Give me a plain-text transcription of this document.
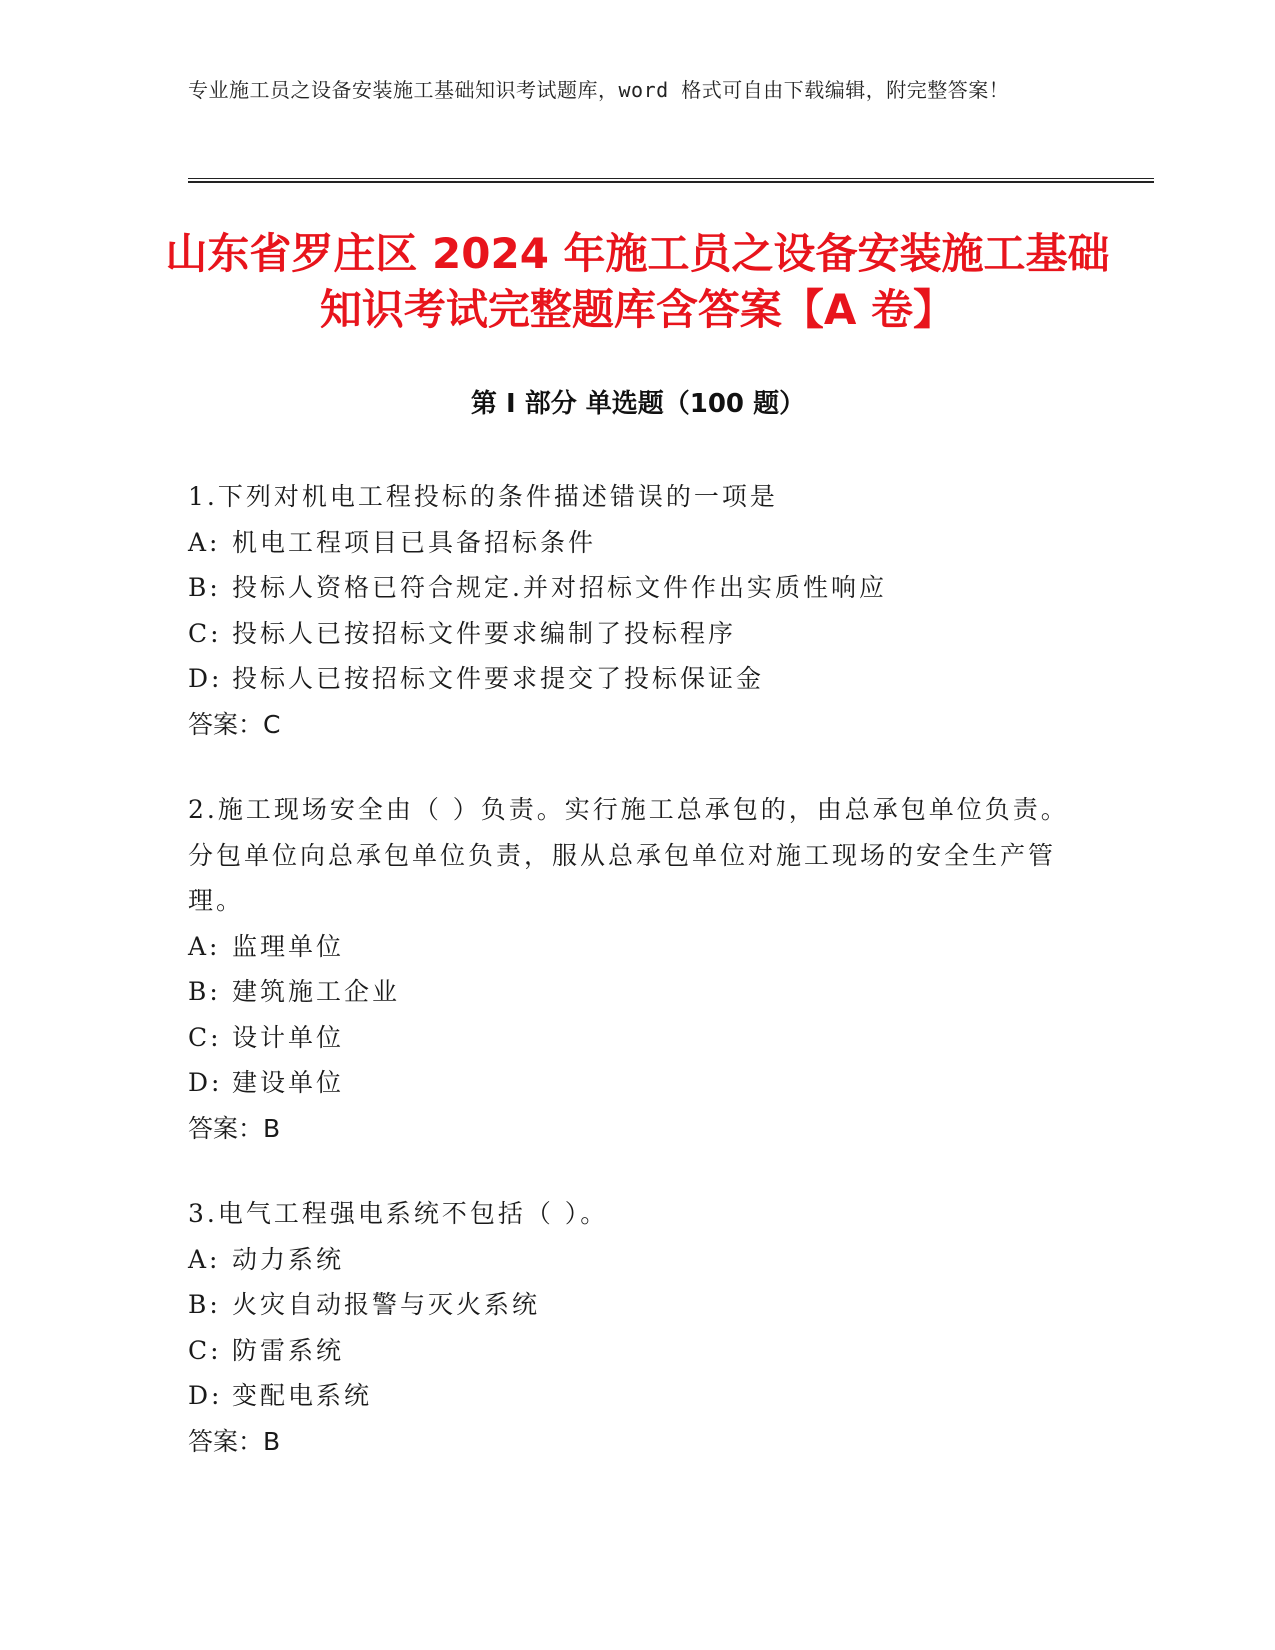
专业施工员之设备安装施工基础知识考试题库，word 格式可自由下载编辑，附完整答案！
山东省罗庄区 2024 年施工员之设备安装施工基础知识考试完整题库含答案【A 卷】
第 I 部分 单选题（100 题）
1.下列对机电工程投标的条件描述错误的一项是
A: 机电工程项目已具备招标条件
B: 投标人资格已符合规定.并对招标文件作出实质性响应
C: 投标人已按招标文件要求编制了投标程序
D: 投标人已按招标文件要求提交了投标保证金
答案：C
2.施工现场安全由（ ）负责。实行施工总承包的，由总承包单位负责。分包单位向总承包单位负责，服从总承包单位对施工现场的安全生产管理。
A: 监理单位
B: 建筑施工企业
C: 设计单位
D: 建设单位
答案：B
3.电气工程强电系统不包括（ ）。
A: 动力系统
B: 火灾自动报警与灭火系统
C: 防雷系统
D: 变配电系统
答案：B
